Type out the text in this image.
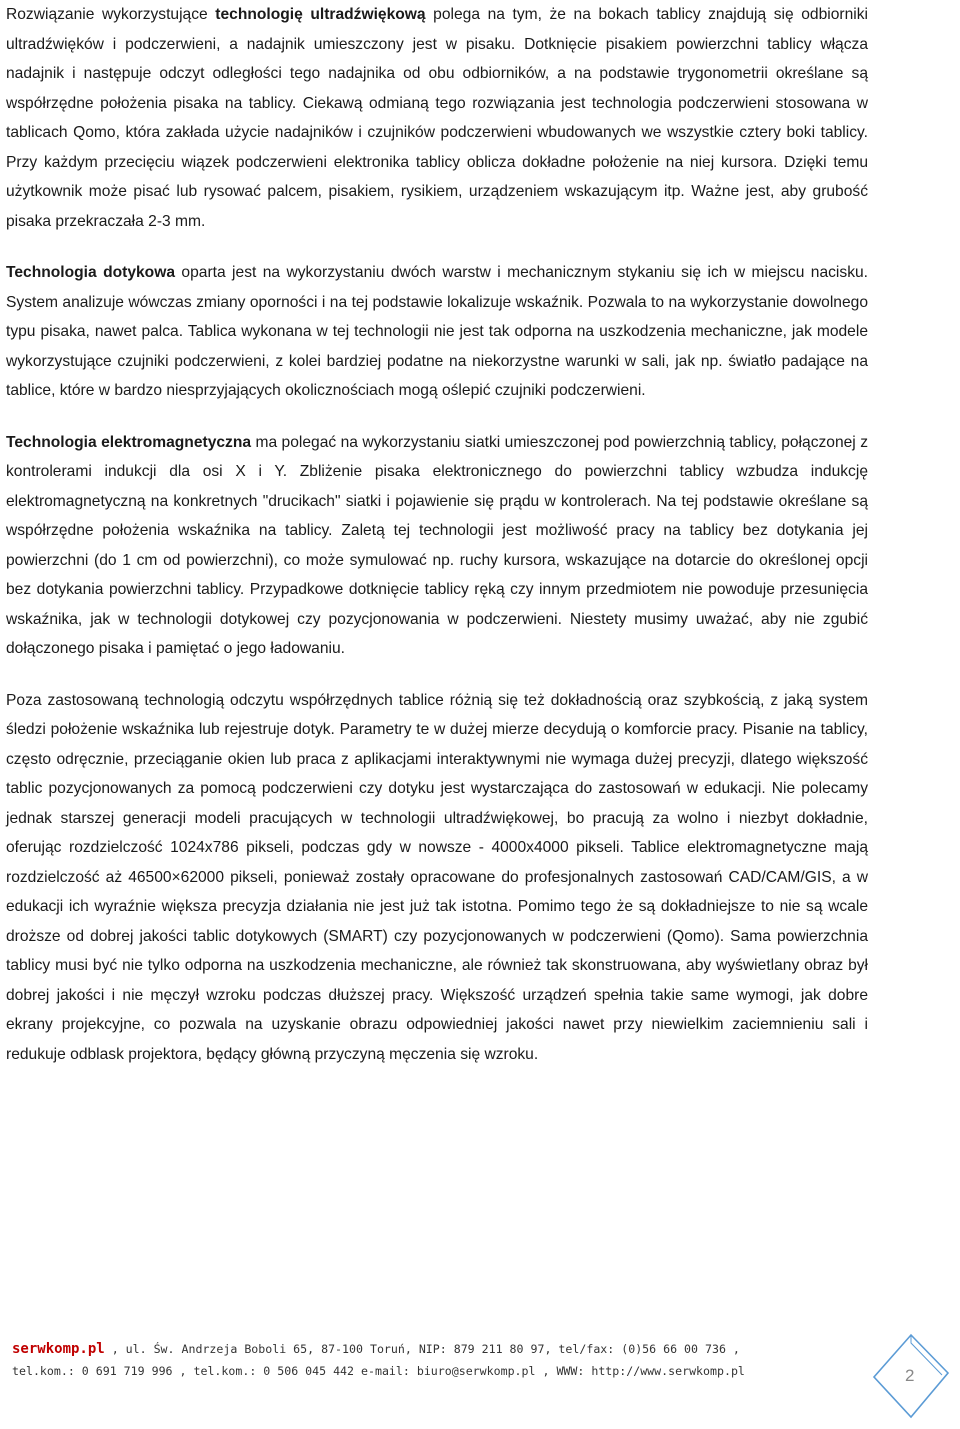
Rozwiązanie wykorzystujące technologię ultradźwiękową polega na tym, że na bokach tablicy znajdują się odbiorniki ultradźwięków i podczerwieni, a nadajnik umieszczony jest w pisaku. Dotknięcie pisakiem powierzchni tablicy włącza nadajnik i następuje odczyt odległości tego nadajnika od obu odbiorników, a na podstawie trygonometrii określane są współrzędne położenia pisaka na tablicy. Ciekawą odmianą tego rozwiązania jest technologia podczerwieni stosowana w tablicach Qomo, która zakłada użycie nadajników i czujników podczerwieni wbudowanych we wszystkie cztery boki tablicy. Przy każdym przecięciu wiązek podczerwieni elektronika tablicy oblicza dokładne położenie na niej kursora. Dzięki temu użytkownik może pisać lub rysować palcem, pisakiem, rysikiem, urządzeniem wskazującym itp. Ważne jest, aby grubość pisaka przekraczała 2-3 mm.

Technologia dotykowa oparta jest na wykorzystaniu dwóch warstw i mechanicznym stykaniu się ich w miejscu nacisku. System analizuje wówczas zmiany oporności i na tej podstawie lokalizuje wskaźnik. Pozwala to na wykorzystanie dowolnego typu pisaka, nawet palca. Tablica wykonana w tej technologii nie jest tak odporna na uszkodzenia mechaniczne, jak modele wykorzystujące czujniki podczerwieni, z kolei bardziej podatne na niekorzystne warunki w sali, jak np. światło padające na tablice, które w bardzo niesprzyjających okolicznościach mogą oślepić czujniki podczerwieni.

Technologia elektromagnetyczna ma polegać na wykorzystaniu siatki umieszczonej pod powierzchnią tablicy, połączonej z kontrolerami indukcji dla osi X i Y. Zbliżenie pisaka elektronicznego do powierzchni tablicy wzbudza indukcję elektromagnetyczną na konkretnych "drucikach" siatki i pojawienie się prądu w kontrolerach. Na tej podstawie określane są współrzędne położenia wskaźnika na tablicy. Zaletą tej technologii jest możliwość pracy na tablicy bez dotykania jej powierzchni (do 1 cm od powierzchni), co może symulować np. ruchy kursora, wskazujące na dotarcie do określonej opcji bez dotykania powierzchni tablicy. Przypadkowe dotknięcie tablicy ręką czy innym przedmiotem nie powoduje przesunięcia wskaźnika, jak w technologii dotykowej czy pozycjonowania w podczerwieni. Niestety musimy uważać, aby nie zgubić dołączonego pisaka i pamiętać o jego ładowaniu.

Poza zastosowaną technologią odczytu współrzędnych tablice różnią się też dokładnością oraz szybkością, z jaką system śledzi położenie wskaźnika lub rejestruje dotyk. Parametry te w dużej mierze decydują o komforcie pracy. Pisanie na tablicy, często odręcznie, przeciąganie okien lub praca z aplikacjami interaktywnymi nie wymaga dużej precyzji, dlatego większość tablic pozycjonowanych za pomocą podczerwieni czy dotyku jest wystarczająca do zastosowań w edukacji. Nie polecamy jednak starszej generacji modeli pracujących w technologii ultradźwiękowej, bo pracują za wolno i niezbyt dokładnie, oferując rozdzielczość 1024x786 pikseli, podczas gdy w nowsze - 4000x4000 pikseli. Tablice elektromagnetyczne mają rozdzielczość aż 46500×62000 pikseli, ponieważ zostały opracowane do profesjonalnych zastosowań CAD/CAM/GIS, a w edukacji ich wyraźnie większa precyzja działania nie jest już tak istotna. Pomimo tego że są dokładniejsze to nie są wcale droższe od dobrej jakości tablic dotykowych (SMART) czy pozycjonowanych w podczerwieni (Qomo). Sama powierzchnia tablicy musi być nie tylko odporna na uszkodzenia mechaniczne, ale również tak skonstruowana, aby wyświetlany obraz był dobrej jakości i nie męczył wzroku podczas dłuższej pracy. Większość urządzeń spełnia takie same wymogi, jak dobre ekrany projekcyjne, co pozwala na uzyskanie obrazu odpowiedniej jakości nawet przy niewielkim zaciemnieniu sali i redukuje odblask projektora, będący główną przyczyną męczenia się wzroku.

serwkomp.pl , ul. Św. Andrzeja Boboli 65, 87-100 Toruń, NIP: 879 211 80 97, tel/fax: (0)56 66 00 736 ,
tel.kom.: 0 691 719 996 , tel.kom.: 0 506 045 442 e-mail: biuro@serwkomp.pl , WWW: http://www.serwkomp.pl	2
